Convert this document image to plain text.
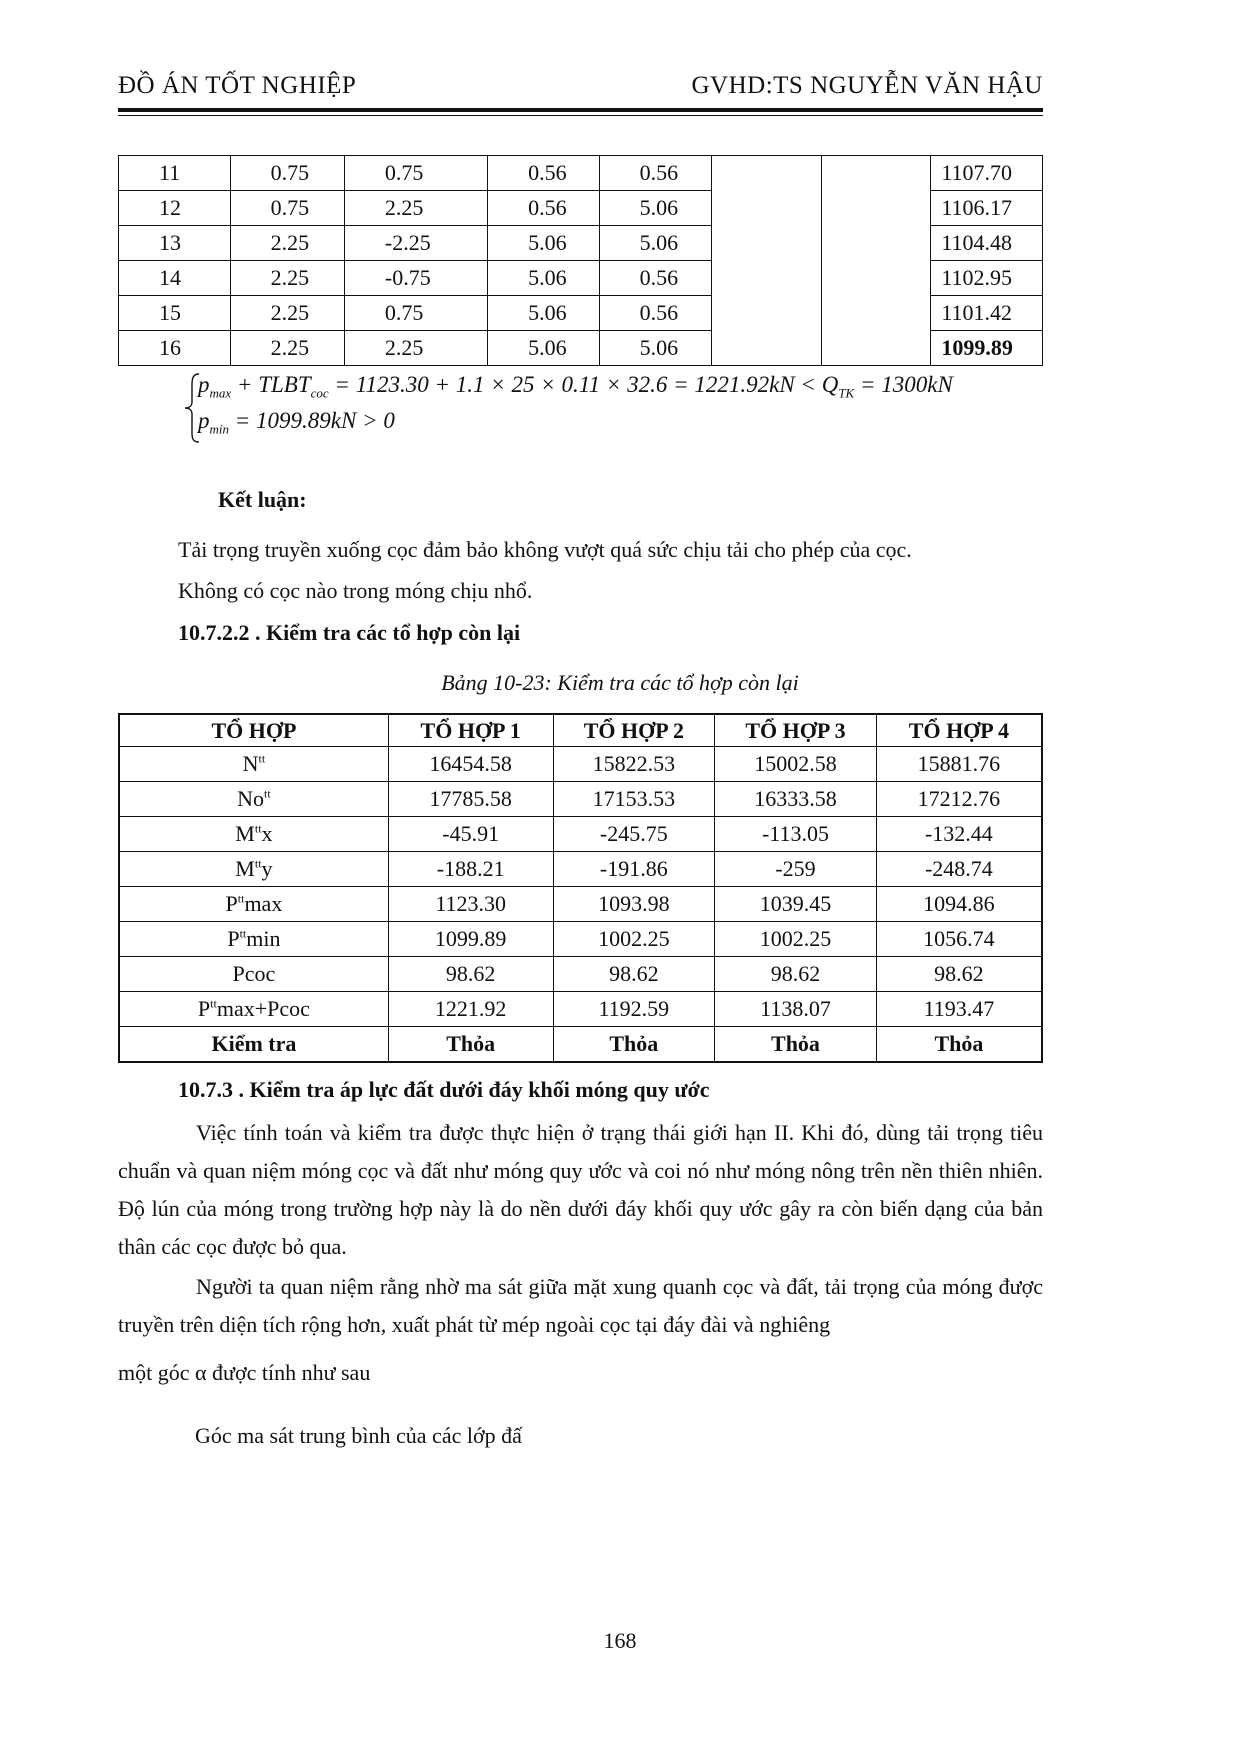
ĐỒ ÁN TỐT NGHIỆP	GVHD:TS NGUYỄN VĂN HẬU
11	0.75	0.75	0.56	0.56			1107.70
12	0.75	2.25	0.56	5.06			1106.17
13	2.25	-2.25	5.06	5.06			1104.48
14	2.25	-0.75	5.06	0.56			1102.95
15	2.25	0.75	5.06	0.56			1101.42
16	2.25	2.25	5.06	5.06			1099.89
$p_{max}$ + $TLBT_{coc} = 1123.30 + 1.1 \times 25 \times 0.11 \times 32.6 = 1221.92kN < Q_{TK} = 1300kN$
$p_{min} = 1099.89kN > 0$
Kết luận:
Tải trọng truyền xuống cọc đảm bảo không vượt quá sức chịu tải cho phép của cọc.
Không có cọc nào trong móng chịu nhổ.
10.7.2.2 . Kiểm tra các tổ hợp còn lại
Bảng 10-23: Kiểm tra các tổ hợp còn lại
TỔ HỢP	TỔ HỢP 1	TỔ HỢP 2	TỔ HỢP 3	TỔ HỢP 4
$N^{tt}$	16454.58	15822.53	15002.58	15881.76
$No^{tt}$	17785.58	17153.53	16333.58	17212.76
$M^{tt}x$	-45.91	-245.75	-113.05	-132.44
$M^{tt}y$	-188.21	-191.86	-259	-248.74
$P^{tt}\max$	1123.30	1093.98	1039.45	1094.86
$P^{tt}\min$	1099.89	1002.25	1002.25	1056.74
Pcoc	98.62	98.62	98.62	98.62
$P^{tt}\max+Pcoc$	1221.92	1192.59	1138.07	1193.47
Kiểm tra	Thỏa	Thỏa	Thỏa	Thỏa
10.7.3 . Kiểm tra áp lực đất dưới đáy khối móng quy ước
Việc tính toán và kiểm tra được thực hiện ở trạng thái giới hạn II. Khi đó, dùng tải trọng tiêu chuẩn và quan niệm móng cọc và đất như móng quy ước và coi nó như móng nông trên nền thiên nhiên. Độ lún của móng trong trường hợp này là do nền dưới đáy khối quy ước gây ra còn biến dạng của bản thân các cọc được bỏ qua.
Người ta quan niệm rằng nhờ ma sát giữa mặt xung quanh cọc và đất, tải trọng của móng được truyền trên diện tích rộng hơn, xuất phát từ mép ngoài cọc tại đáy đài và nghiêng
một góc α được tính như sau
Góc ma sát trung bình của các lớp đấ
168
